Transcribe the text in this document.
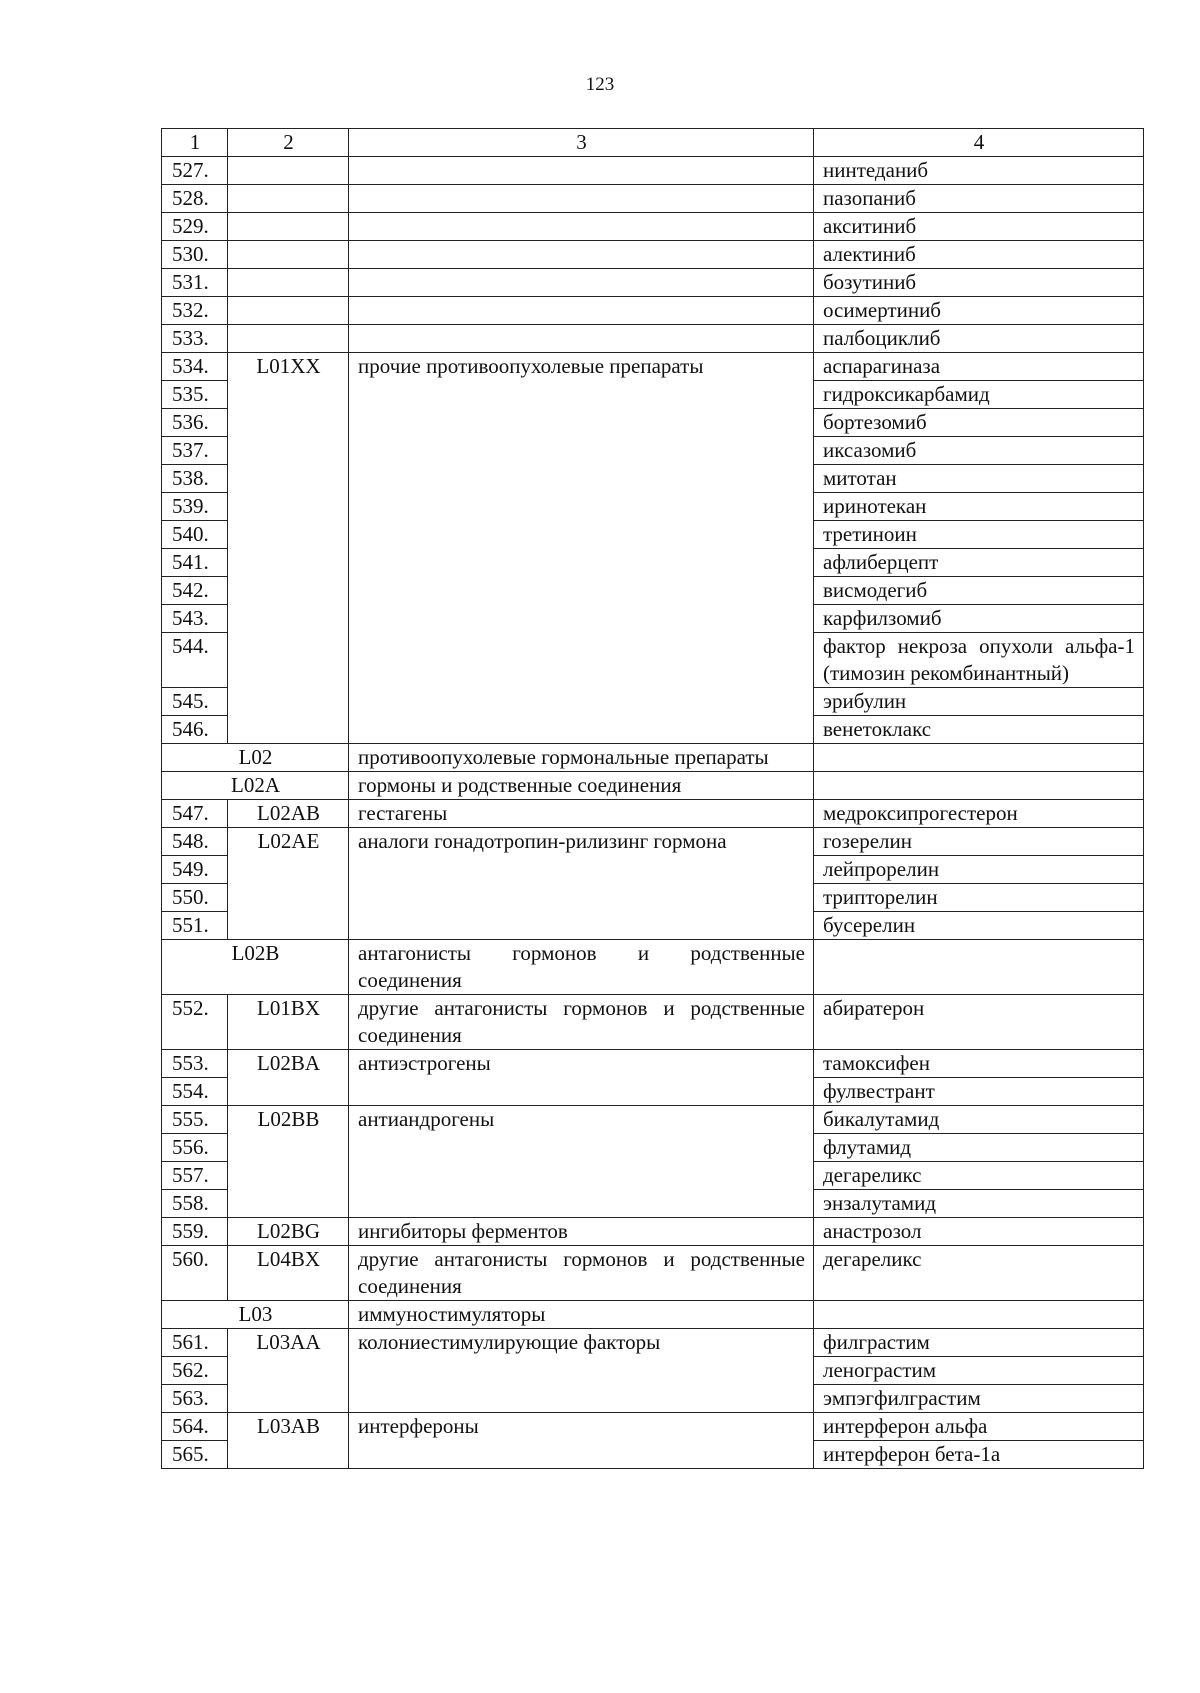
123
1	2	3	4
527.			нинтеданиб
528.			пазопаниб
529.			акситиниб
530.			алектиниб
531.			бозутиниб
532.			осимертиниб
533.			палбоциклиб
534.	L01XX	прочие противоопухолевые препараты	аспарагиназа
535.			гидроксикарбамид
536.			бортезомиб
537.			иксазомиб
538.			митотан
539.			иринотекан
540.			третиноин
541.			афлиберцепт
542.			висмодегиб
543.			карфилзомиб
544.			фактор некроза опухоли альфа-1 (тимозин рекомбинантный)
545.			эрибулин
546.			венетоклакс
L02		противоопухолевые гормональные препараты	
L02A		гормоны и родственные соединения	
547.	L02AB	гестагены	медроксипрогестерон
548.	L02AE	аналоги гонадотропин-рилизинг гормона	гозерелин
549.			лейпрорелин
550.			трипторелин
551.			бусерелин
L02B		антагонисты гормонов и родственные соединения	
552.	L01BX	другие антагонисты гормонов и родственные соединения	абиратерон
553.	L02BA	антиэстрогены	тамоксифен
554.			фулвестрант
555.	L02BB	антиандрогены	бикалутамид
556.			флутамид
557.			дегареликс
558.			энзалутамид
559.	L02BG	ингибиторы ферментов	анастрозол
560.	L04BX	другие антагонисты гормонов и родственные соединения	дегареликс
L03		иммуностимуляторы	
561.	L03AA	колониестимулирующие факторы	филграстим
562.			ленограстим
563.			эмпэгфилграстим
564.	L03AB	интерфероны	интерферон альфа
565.			интерферон бета-1а
